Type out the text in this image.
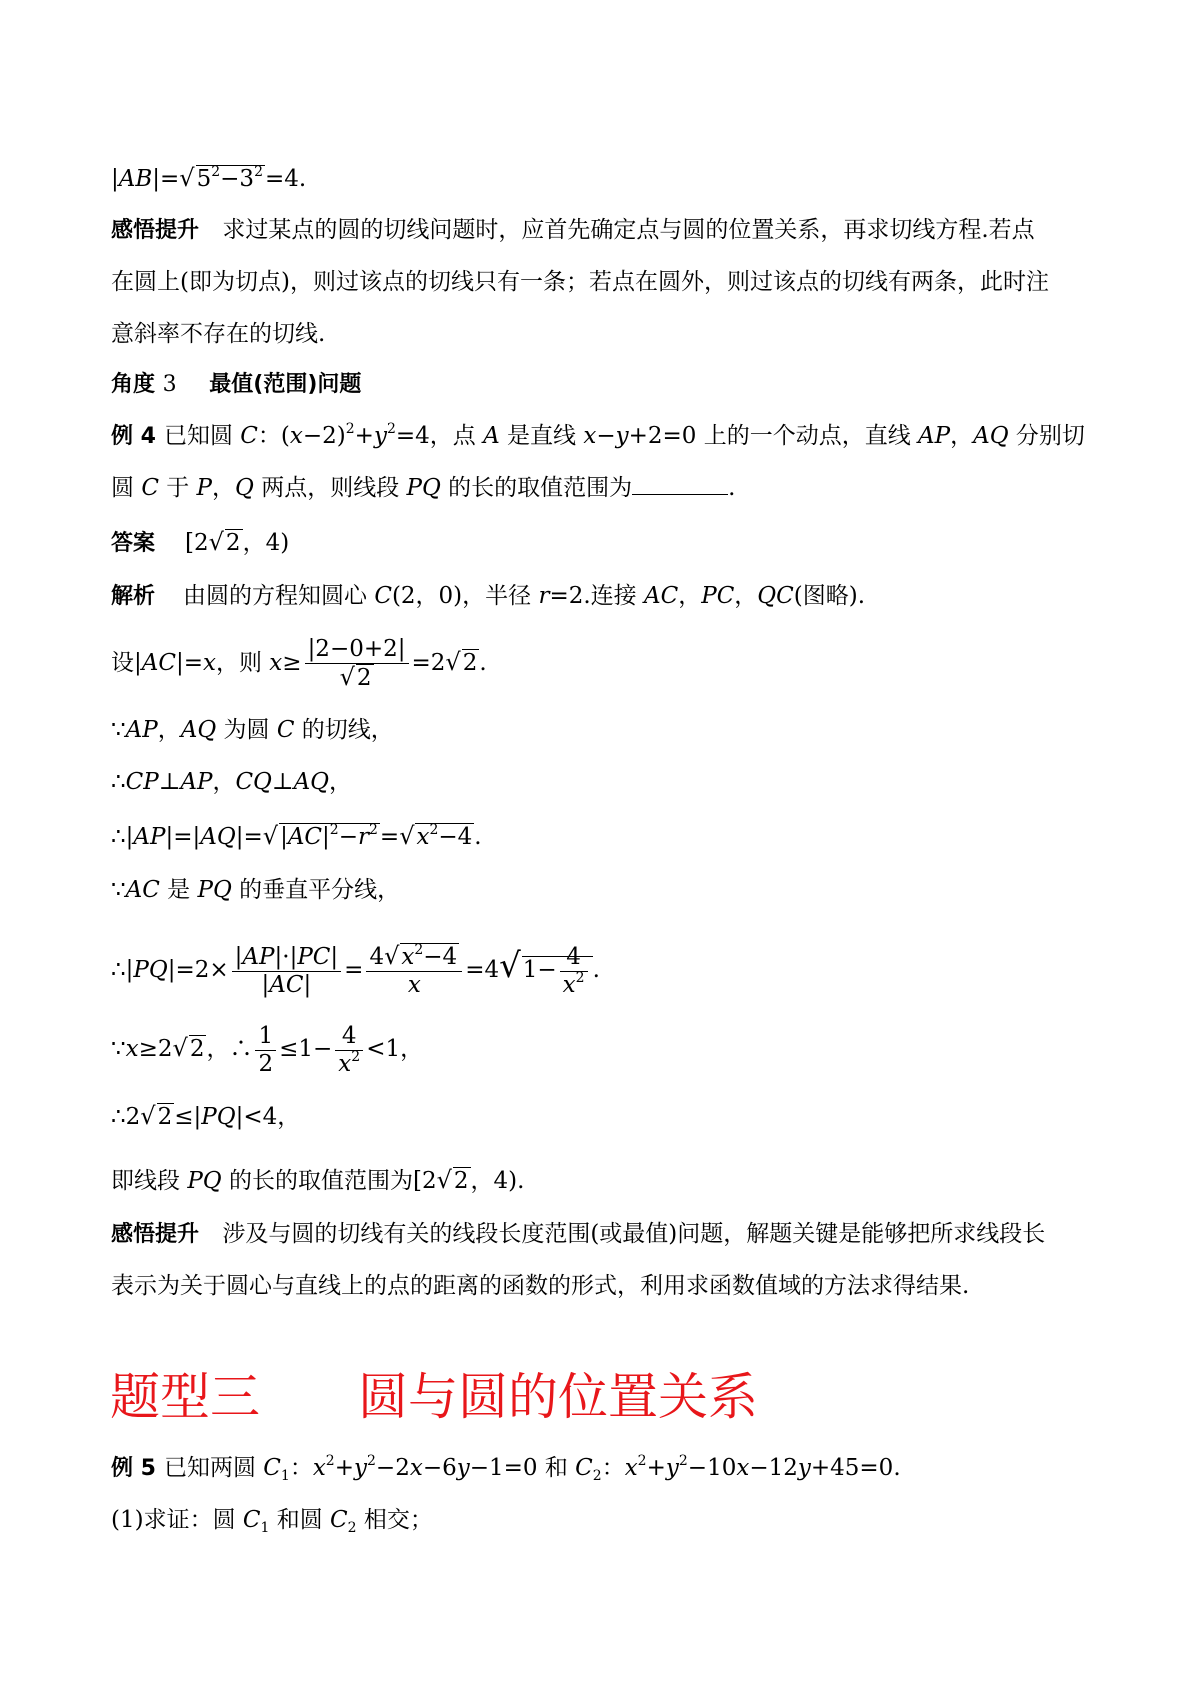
$|AB|=√5^2-3^2=4$.
感悟提升 求过某点的圆的切线问题时，应首先确定点与圆的位置关系，再求切线方程.若点
在圆上(即为切点)，则过该点的切线只有一条；若点在圆外，则过该点的切线有两条，此时注
意斜率不存在的切线.
角度 3 最值(范围)问题
例 4 已知圆 C：$(x-2)^2+y^2=4$，点 A 是直线 x−y+2=0 上的一个动点，直线 AP，AQ 分别切
圆 C 于 P，Q 两点，则线段 PQ 的长的取值范围为	.
答案 [2√2，4)
解析 由圆的方程知圆心 C(2，0)，半径 r=2.连接 AC，PC，QC(图略).
设|AC|=x，则 $x\ge \frac{|2-0+2|}{√2} =2√2$.
∵AP，AQ 为圆 C 的切线，
∴CP⊥AP，CQ⊥AQ，
$\therefore|AP|=|AQ|=√|AC|^2-r^2=√x^2-4$.
∵AC 是 PQ 的垂直平分线，
∴|PQ|=2× $\frac{|AP|\cdot|PC|}{|AC|} = \frac{4√x^2-4}{x} =4√1- \frac{4}{x^2}$ .
∵x≥2√2，∴ $\frac{1}{2} \le 1- \frac{4}{x^2} <1$，
∴2√2≤|PQ|<4，
即线段 PQ 的长的取值范围为[2√2，4).
感悟提升 涉及与圆的切线有关的线段长度范围(或最值)问题，解题关键是能够把所求线段长
表示为关于圆心与直线上的点的距离的函数的形式，利用求函数值域的方法求得结果.
题型三 圆与圆的位置关系
例 5 已知两圆 $C_1$：$x^2+y^2-2x-6y-1=0$ 和 $C_2$：$x^2+y^2-10x-12y+45=0$.
(1)求证：圆 $C_1$ 和圆 $C_2$ 相交；
